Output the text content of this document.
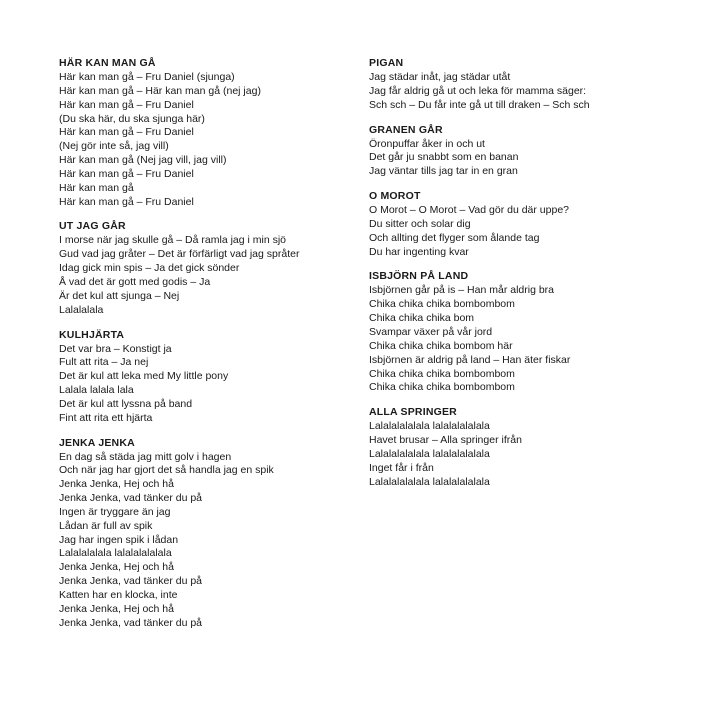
HÄR KAN MAN GÅ
Här kan man gå – Fru Daniel (sjunga)
Här kan man gå – Här kan man gå (nej jag)
Här kan man gå – Fru Daniel
(Du ska här, du ska sjunga här)
Här kan man gå – Fru Daniel
(Nej gör inte så, jag vill)
Här kan man gå (Nej jag vill, jag vill)
Här kan man gå – Fru Daniel
Här kan man gå
Här kan man gå – Fru Daniel
UT JAG GÅR
I morse när jag skulle gå – Då ramla jag i min sjö
Gud vad jag gråter – Det är förfärligt vad jag språter
Idag gick min spis – Ja det gick sönder
Å vad det är gott med godis – Ja
Är det kul att sjunga – Nej
Lalalalala
KULHJÄRTA
Det var bra – Konstigt ja
Fult att rita – Ja nej
Det är kul att leka med My little pony
Lalala lalala lala
Det är kul att lyssna på band
Fint att rita ett hjärta
JENKA JENKA
En dag så städa jag mitt golv i hagen
Och när jag har gjort det så handla jag en spik
Jenka Jenka, Hej och hå
Jenka Jenka, vad tänker du på
Ingen är tryggare än jag
Lådan är full av spik
Jag har ingen spik i lådan
Lalalalalala lalalalalalala
Jenka Jenka, Hej och hå
Jenka Jenka, vad tänker du på
Katten har en klocka, inte
Jenka Jenka, Hej och hå
Jenka Jenka, vad tänker du på
PIGAN
Jag städar inåt, jag städar utåt
Jag får aldrig gå ut och leka för mamma säger:
Sch sch – Du får inte gå ut till draken – Sch sch
GRANEN GÅR
Öronpuffar åker in och ut
Det går ju snabbt som en banan
Jag väntar tills jag tar in en gran
O MOROT
O Morot – O Morot – Vad gör du där uppe?
Du sitter och solar dig
Och allting det flyger som ålande tag
Du har ingenting kvar
ISBJÖRN PÅ LAND
Isbjörnen går på is – Han mår aldrig bra
Chika chika chika bombombom
Chika chika chika bom
Svampar växer på vår jord
Chika chika chika bombom här
Isbjörnen är aldrig på land – Han äter fiskar
Chika chika chika bombombom
Chika chika chika bombombom
ALLA SPRINGER
Lalalalalalala lalalalalalala
Havet brusar – Alla springer ifrån
Lalalalalalala lalalalalalala
Inget får i från
Lalalalalalala lalalalalalala
